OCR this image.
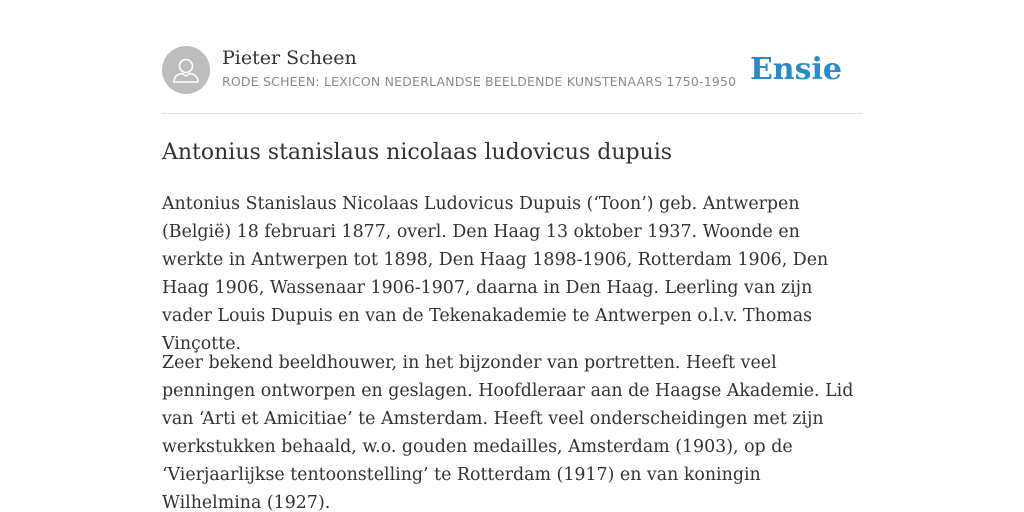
Pieter Scheen
RODE SCHEEN: LEXICON NEDERLANDSE BEELDENDE KUNSTENAARS 1750-1950 Ensie
Antonius stanislaus nicolaas ludovicus dupuis

Antonius Stanislaus Nicolaas Ludovicus Dupuis (‘Toon’) geb. Antwerpen (België) 18 februari 1877, overl. Den Haag 13 oktober 1937. Woonde en werkte in Antwerpen tot 1898, Den Haag 1898-1906, Rotterdam 1906, Den Haag 1906, Wassenaar 1906-1907, daarna in Den Haag. Leerling van zijn vader Louis Dupuis en van de Tekenakademie te Antwerpen o.l.v. Thomas Vinçotte.

Zeer bekend beeldhouwer, in het bijzonder van portretten. Heeft veel penningen ontworpen en geslagen. Hoofdleraar aan de Haagse Akademie. Lid van ‘Arti et Amicitiae’ te Amsterdam. Heeft veel onderscheidingen met zijn werkstukken behaald, w.o. gouden medailles, Amsterdam (1903), op de ‘Vierjaarlijkse tentoonstelling’ te Rotterdam (1917) en van koningin Wilhelmina (1927).
